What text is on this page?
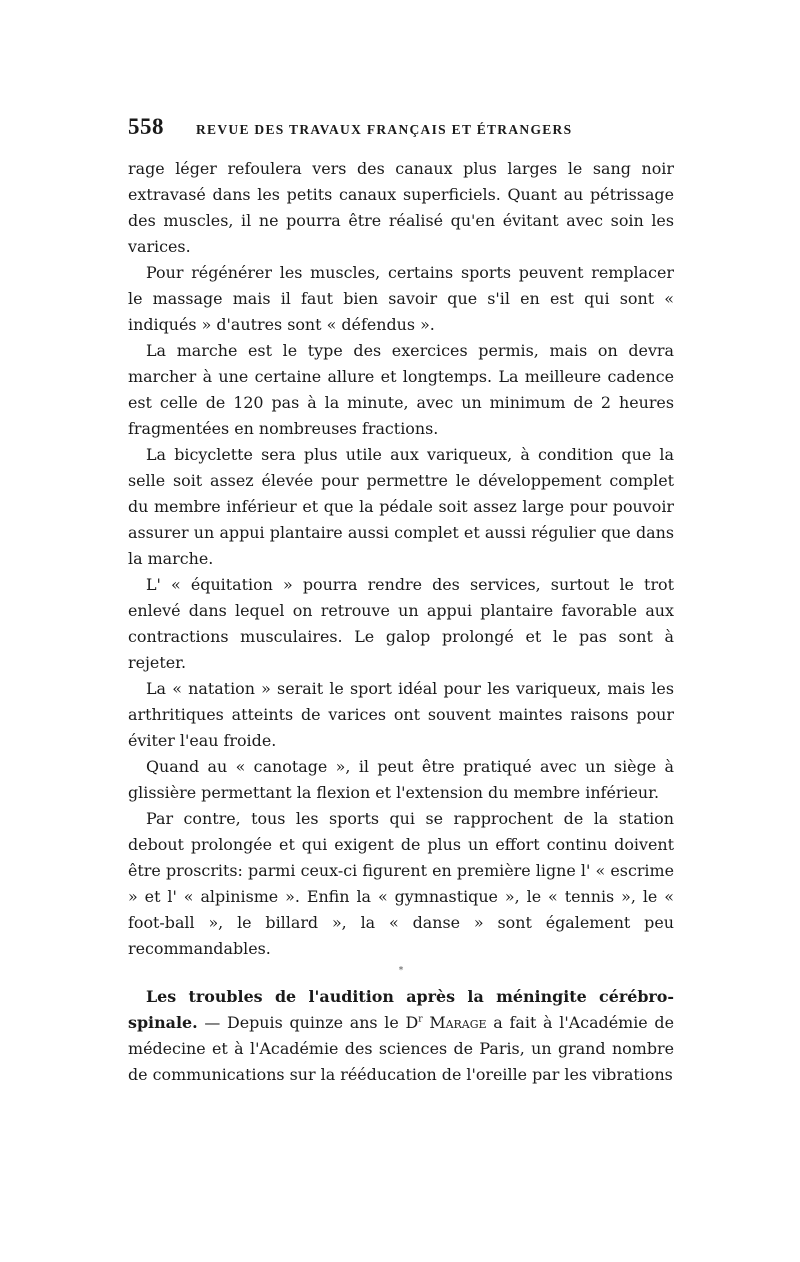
558	REVUE DES TRAVAUX FRANÇAIS ET ÉTRANGERS

rage léger refoulera vers des canaux plus larges le sang noir extravasé dans les petits canaux superficiels. Quant au pétrissage des muscles, il ne pourra être réalisé qu'en évitant avec soin les varices.

Pour régénérer les muscles, certains sports peuvent remplacer le massage mais il faut bien savoir que s'il en est qui sont « indiqués » d'autres sont « défendus ».

La marche est le type des exercices permis, mais on devra marcher à une certaine allure et longtemps. La meilleure cadence est celle de 120 pas à la minute, avec un minimum de 2 heures fragmentées en nombreuses fractions.

La bicyclette sera plus utile aux variqueux, à condition que la selle soit assez élevée pour permettre le développement complet du membre inférieur et que la pédale soit assez large pour pouvoir assurer un appui plantaire aussi complet et aussi régulier que dans la marche.

L' « équitation » pourra rendre des services, surtout le trot enlevé dans lequel on retrouve un appui plantaire favorable aux contractions musculaires. Le galop prolongé et le pas sont à rejeter.

La « natation » serait le sport idéal pour les variqueux, mais les arthritiques atteints de varices ont souvent maintes raisons pour éviter l'eau froide.

Quand au « canotage », il peut être pratiqué avec un siège à glissière permettant la flexion et l'extension du membre inférieur.

Par contre, tous les sports qui se rapprochent de la station debout prolongée et qui exigent de plus un effort continu doivent être proscrits: parmi ceux-ci figurent en première ligne l' « escrime » et l' « alpinisme ». Enfin la « gymnastique », le « tennis », le « foot-ball », le billard », la « danse » sont également peu recommandables.

*

Les troubles de l'audition après la méningite cérébro-spinale. — Depuis quinze ans le $D^r$ Marage a fait à l'Académie de médecine et à l'Académie des sciences de Paris, un grand nombre de communications sur la rééducation de l'oreille par les vibrations
